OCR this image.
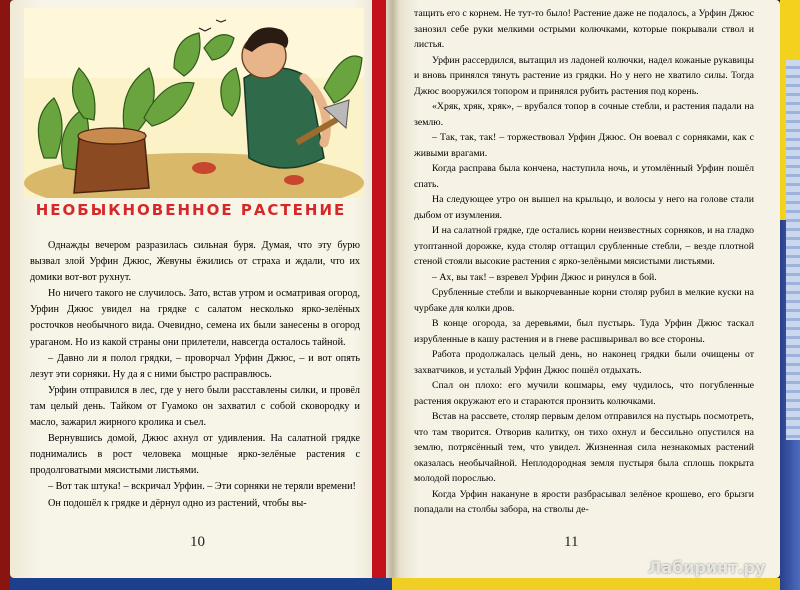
НЕОБЫКНОВЕННОЕ РАСТЕНИЕ

Однажды вечером разразилась сильная буря. Думая, что эту бурю вызвал злой Урфин Джюс, Жевуны ёжились от страха и ждали, что их домики вот-вот рухнут.

Но ничего такого не случилось. Зато, встав утром и осматривая огород, Урфин Джюс увидел на грядке с салатом несколько ярко-зелёных росточков необычного вида. Очевидно, семена их были занесены в огород ураганом. Но из какой страны они прилетели, навсегда осталось тайной.

– Давно ли я полол грядки, – проворчал Урфин Джюс, – и вот опять лезут эти сорняки. Ну да я с ними быстро расправлюсь.

Урфин отправился в лес, где у него были расставлены силки, и провёл там целый день. Тайком от Гуамоко он захватил с собой сковородку и масло, зажарил жирного кролика и съел.

Вернувшись домой, Джюс ахнул от удивления. На салатной грядке поднимались в рост человека мощные ярко-зелёные растения с продолговатыми мясистыми листьями.

– Вот так штука! – вскричал Урфин. – Эти сорняки не теряли времени!

Он подошёл к грядке и дёрнул одно из растений, чтобы вы-

тащить его с корнем. Не тут-то было! Растение даже не подалось, а Урфин Джюс занозил себе руки мелкими острыми колючками, которые покрывали ствол и листья.

Урфин рассердился, вытащил из ладоней колючки, надел кожаные рукавицы и вновь принялся тянуть растение из грядки. Но у него не хватило силы. Тогда Джюс вооружился топором и принялся рубить растения под корень.

«Хряк, хряк, хряк», – врубался топор в сочные стебли, и растения падали на землю.

– Так, так, так! – торжествовал Урфин Джюс. Он воевал с сорняками, как с живыми врагами.

Когда расправа была кончена, наступила ночь, и утомлённый Урфин пошёл спать.

На следующее утро он вышел на крыльцо, и волосы у него на голове стали дыбом от изумления.

И на салатной грядке, где остались корни неизвестных сорняков, и на гладко утоптанной дорожке, куда столяр оттащил срубленные стебли, – везде плотной стеной стояли высокие растения с ярко-зелёными мясистыми листьями.

– Ах, вы так! – взревел Урфин Джюс и ринулся в бой.

Срубленные стебли и выкорчеванные корни столяр рубил в мелкие куски на чурбаке для колки дров.

В конце огорода, за деревьями, был пустырь. Туда Урфин Джюс таскал изрубленные в кашу растения и в гневе расшвыривал во все стороны.

Работа продолжалась целый день, но наконец грядки были очищены от захватчиков, и усталый Урфин Джюс пошёл отдыхать.

Спал он плохо: его мучили кошмары, ему чудилось, что погубленные растения окружают его и стараются пронзить колючками.

Встав на рассвете, столяр первым делом отправился на пустырь посмотреть, что там творится. Отворив калитку, он тихо охнул и бессильно опустился на землю, потрясённый тем, что увидел. Жизненная сила незнакомых растений оказалась необычайной. Неплодородная земля пустыря была сплошь покрыта молодой порослью.

Когда Урфин накануне в ярости разбрасывал зелёное крошево, его брызги попадали на столбы забора, на стволы де-

10	11
Лабиринт.ру
